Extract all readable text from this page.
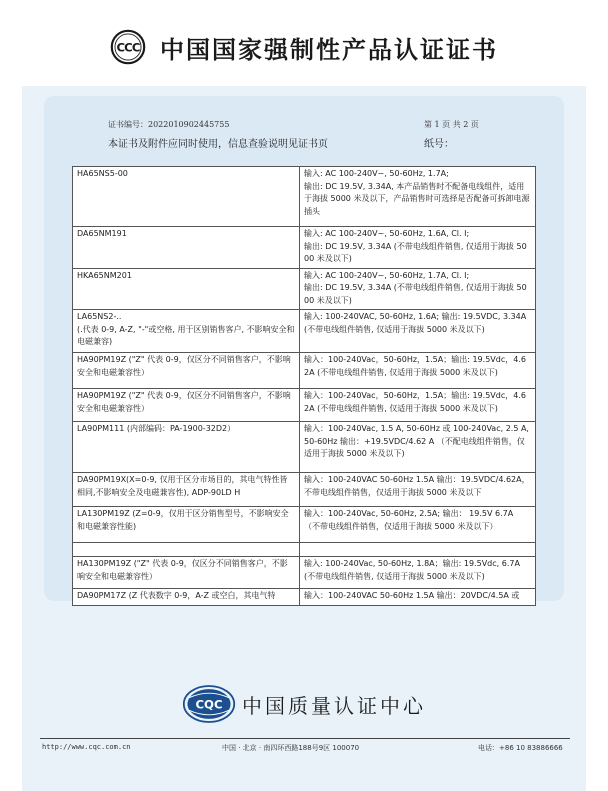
CCC 中国国家强制性产品认证证书
证书编号：2022010902445755	第 1 页 共 2 页
本证书及附件应同时使用，信息查验说明见证书页	纸号：
HA65NS5-00	输入: AC 100-240V~, 50-60Hz, 1.7A;
输出: DC 19.5V, 3.34A, 本产品销售时不配备电线组件，适用于海拔 5000 米及以下，产品销售时可选择是否配备可拆卸电源插头
DA65NM191	输入: AC 100-240V~, 50-60Hz, 1.6A, Cl. I;
输出: DC 19.5V, 3.34A (不带电线组件销售, 仅适用于海拔 5000 米及以下)
HKA65NM201	输入: AC 100-240V~, 50-60Hz, 1.7A, Cl. I;
输出: DC 19.5V, 3.34A (不带电线组件销售, 仅适用于海拔 5000 米及以下)
LA65NS2-..
(.代表 0-9, A-Z, "-"或空格, 用于区别销售客户, 不影响安全和电磁兼容)	输入: 100-240VAC, 50-60Hz, 1.6A; 输出: 19.5VDC, 3.34A (不带电线组件销售, 仅适用于海拔 5000 米及以下)
HA90PM19Z ("Z" 代表 0-9，仅区分不同销售客户，不影响安全和电磁兼容性）	输入：100-240Vac，50-60Hz，1.5A；输出: 19.5Vdc，4.62A (不带电线组件销售, 仅适用于海拔 5000 米及以下)
HA90PM19Z ("Z" 代表 0-9，仅区分不同销售客户，不影响安全和电磁兼容性）	输入：100-240Vac，50-60Hz，1.5A；输出: 19.5Vdc，4.62A (不带电线组件销售, 仅适用于海拔 5000 米及以下)
LA90PM111 (内部编码：PA-1900-32D2）	输入：100-240Vac, 1.5 A, 50-60Hz 或 100-240Vac, 2.5 A, 50-60Hz 输出：+19.5VDC/4.62 A （不配电线组件销售，仅适用于海拔 5000 米及以下)
DA90PM19X(X=0-9, 仅用于区分市场目的，其电气特性皆相同,不影响安全及电磁兼容性), ADP-90LD H	输入：100-240VAC 50-60Hz 1.5A 输出：19.5VDC/4.62A，不带电线组件销售，仅适用于海拔 5000 米及以下
LA130PM19Z (Z=0-9，仅用于区分销售型号，不影响安全和电磁兼容性能)	输入：100-240Vac, 50-60Hz, 2.5A; 输出： 19.5V 6.7A （不带电线组件销售，仅适用于海拔 5000 米及以下）

HA130PM19Z ("Z" 代表 0-9，仅区分不同销售客户，不影响安全和电磁兼容性）	输入: 100-240Vac, 50-60Hz, 1.8A；输出: 19.5Vdc, 6.7A (不带电线组件销售, 仅适用于海拔 5000 米及以下)
DA90PM17Z (Z 代表数字 0-9，A-Z 或空白，其电气特	输入：100-240VAC 50-60Hz 1.5A 输出：20VDC/4.5A 或
CQC 中国质量认证中心
http://www.cqc.com.cn	中国 · 北京 · 南四环西路188号9区 100070	电话：+86 10 83886666
